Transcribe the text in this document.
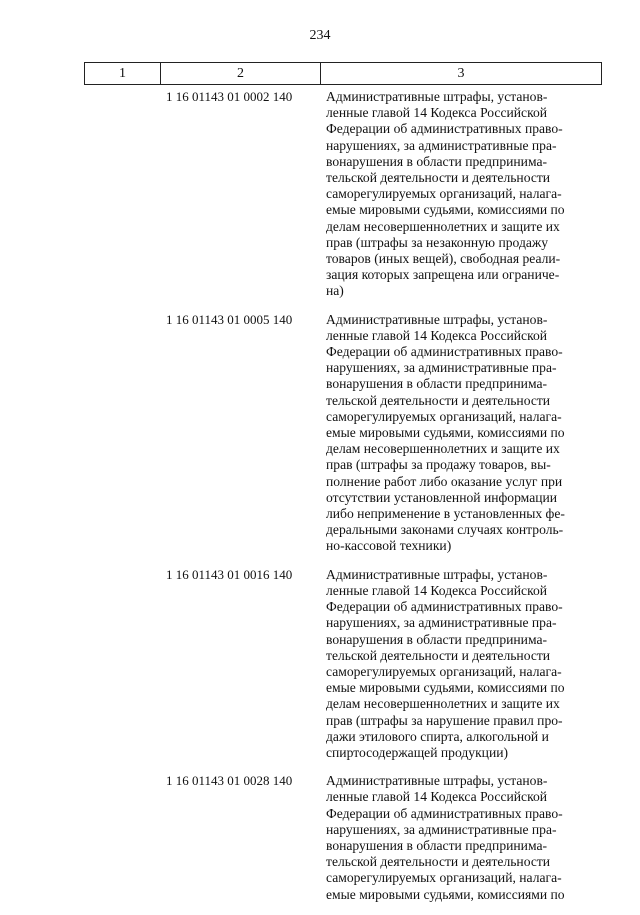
234
1	2	3
1 16 01143 01 0002 140	Административные штрафы, установ-
ленные главой 14 Кодекса Российской
Федерации об административных право-
нарушениях, за административные пра-
вонарушения в области предпринима-
тельской деятельности и деятельности
саморегулируемых организаций, налага-
емые мировыми судьями, комиссиями по
делам несовершеннолетних и защите их
прав (штрафы за незаконную продажу
товаров (иных вещей), свободная реали-
зация которых запрещена или ограниче-
на)
1 16 01143 01 0005 140	Административные штрафы, установ-
ленные главой 14 Кодекса Российской
Федерации об административных право-
нарушениях, за административные пра-
вонарушения в области предпринима-
тельской деятельности и деятельности
саморегулируемых организаций, налага-
емые мировыми судьями, комиссиями по
делам несовершеннолетних и защите их
прав (штрафы за продажу товаров, вы-
полнение работ либо оказание услуг при
отсутствии установленной информации
либо неприменение в установленных фе-
деральными законами случаях контроль-
но-кассовой техники)
1 16 01143 01 0016 140	Административные штрафы, установ-
ленные главой 14 Кодекса Российской
Федерации об административных право-
нарушениях, за административные пра-
вонарушения в области предпринима-
тельской деятельности и деятельности
саморегулируемых организаций, налага-
емые мировыми судьями, комиссиями по
делам несовершеннолетних и защите их
прав (штрафы за нарушение правил про-
дажи этилового спирта, алкогольной и
спиртосодержащей продукции)
1 16 01143 01 0028 140	Административные штрафы, установ-
ленные главой 14 Кодекса Российской
Федерации об административных право-
нарушениях, за административные пра-
вонарушения в области предпринима-
тельской деятельности и деятельности
саморегулируемых организаций, налага-
емые мировыми судьями, комиссиями по
